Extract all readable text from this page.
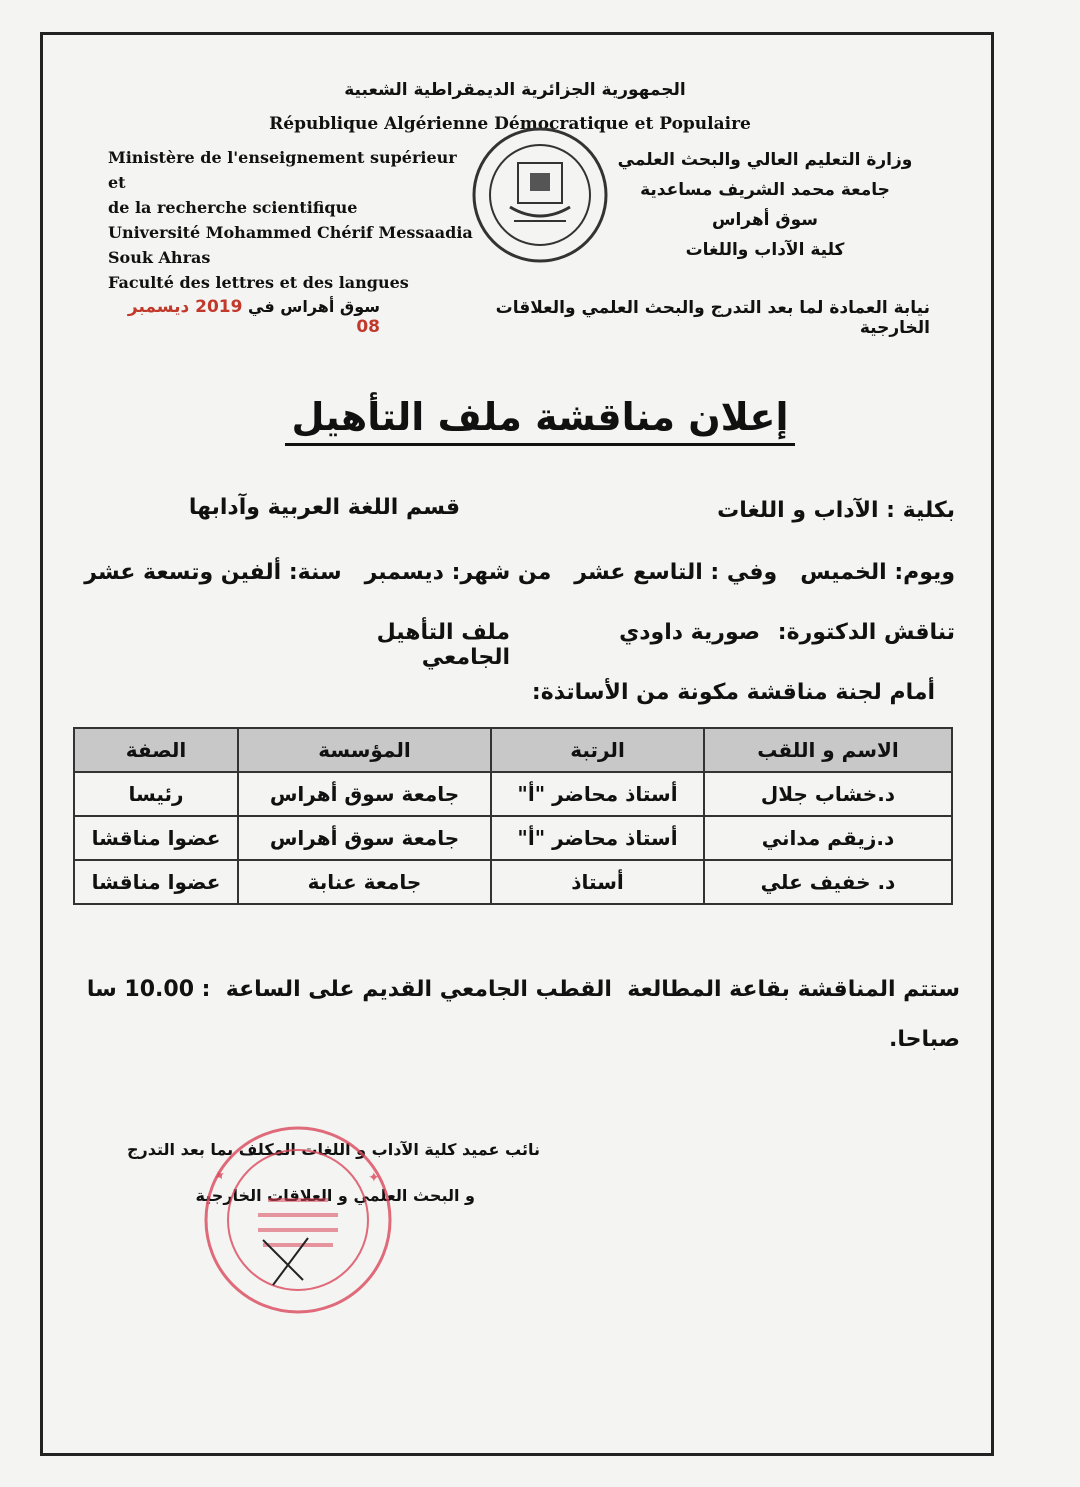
الجمهورية الجزائرية الديمقراطية الشعبية
République Algérienne Démocratique et Populaire
Ministère de l'enseignement supérieur et
de la recherche scientifique
Université Mohammed Chérif Messaadia
Souk Ahras
Faculté des lettres et des langues
وزارة التعليم العالي والبحث العلمي
جامعة محمد الشريف مساعدية
سوق أهراس
كلية الآداب واللغات
نيابة العمادة لما بعد التدرج والبحث العلمي والعلاقات الخارجية
سوق أهراس في 2019 ديسمبر 08
إعلان مناقشة ملف التأهيل
بكلية : الآداب و اللغات
قسم اللغة العربية وآدابها
ويوم: الخميس   وفي : التاسع عشر   من شهر: ديسمبر   سنة: ألفين وتسعة عشر
تناقش الدكتورة:
صورية داودي
ملف التأهيل الجامعي
أمام لجنة مناقشة مكونة من الأساتذة:
الاسم و اللقب	الرتبة	المؤسسة	الصفة
د.خشاب جلال	أستاذ محاضر "أ"	جامعة سوق أهراس	رئيسا
د.زيقم مداني	أستاذ محاضر "أ"	جامعة سوق أهراس	عضوا مناقشا
د. خفيف علي	أستاذ	جامعة عنابة	عضوا مناقشا
ستتم المناقشة بقاعة المطالعة  القطب الجامعي القديم على الساعة  : 10.00 سا
صباحا.
نائب عميد كلية الآداب و اللغات المكلف بما بعد التدرج
و البحث العلمي و العلاقات الخارجية
✦	✦
